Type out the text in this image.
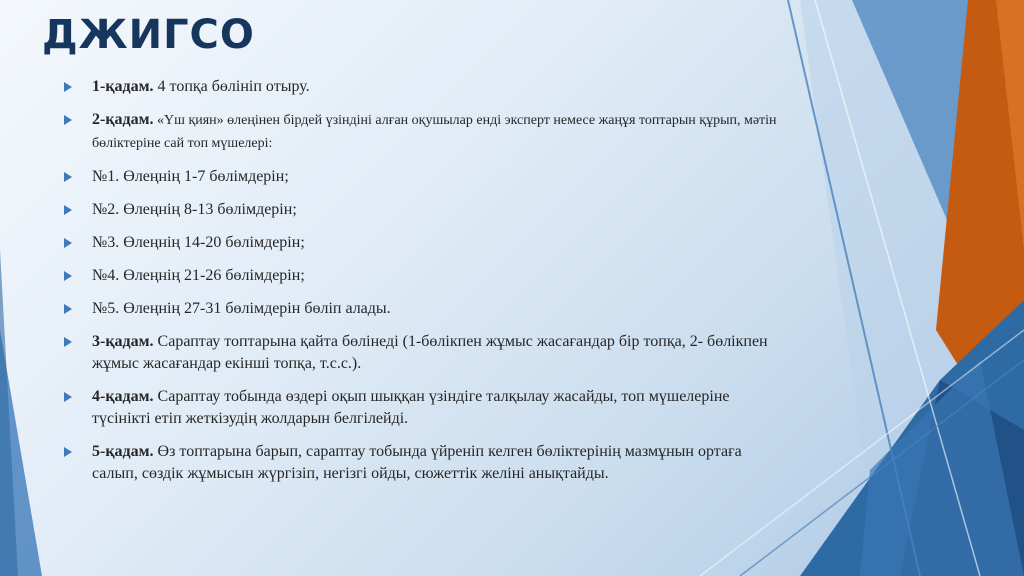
ДЖИГСО
1-қадам. 4 топқа бөлініп отыру.
2-қадам. «Үш қиян» өлеңінен бірдей үзіндіні алған оқушылар енді эксперт немесе жаңұя топтарын құрып, мәтін бөліктеріне сай топ мүшелері:
№1. Өлеңнің 1-7 бөлімдерін;
№2. Өлеңнің 8-13 бөлімдерін;
№3. Өлеңнің 14-20 бөлімдерін;
№4. Өлеңнің 21-26 бөлімдерін;
№5. Өлеңнің 27-31 бөлімдерін бөліп алады.
3-қадам. Сараптау топтарына қайта бөлінеді (1-бөлікпен жұмыс жасағандар бір топқа, 2- бөлікпен жұмыс жасағандар екінші топқа, т.с.с.).
4-қадам. Сараптау тобында өздері оқып шыққан үзіндіге талқылау жасайды, топ мүшелеріне түсінікті етіп жеткізудің жолдарын белгілейді.
5-қадам. Өз топтарына барып, сараптау тобында үйреніп келген бөліктерінің мазмұнын ортаға салып, сөздік жұмысын жүргізіп, негізгі ойды, сюжеттік желіні анықтайды.
